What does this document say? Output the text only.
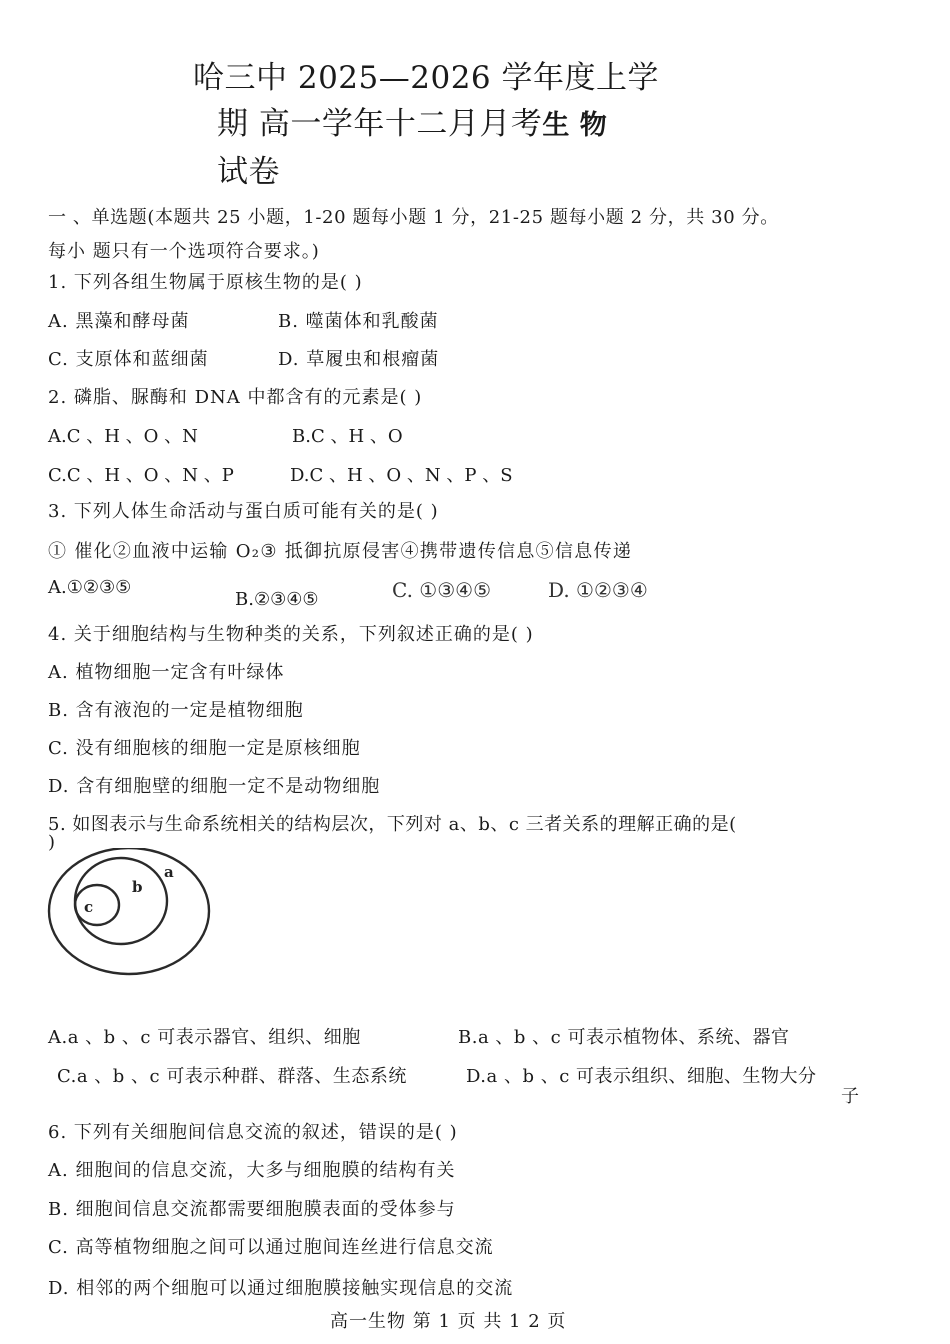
哈三中 2025—2026 学年度上学
期 高一学年十二月月考生 物
试卷
一 、单选题(本题共 25 小题，1-20 题每小题 1 分，21-25 题每小题 2 分，共 30 分。
每小 题只有一个选项符合要求。)
1. 下列各组生物属于原核生物的是( )
A. 黑藻和酵母菌	B. 噬菌体和乳酸菌
C. 支原体和蓝细菌	D. 草履虫和根瘤菌
2. 磷脂、脲酶和 DNA 中都含有的元素是( )
A.C 、H 、O 、N	B.C 、H 、O
C.C 、H 、O 、N 、P	D.C 、H 、O 、N 、P 、S
3. 下列人体生命活动与蛋白质可能有关的是( )
① 催化②血液中运输 O₂③ 抵御抗原侵害④携带遗传信息⑤信息传递
A.①②③⑤
B.②③④⑤	C. ①③④⑤	D. ①②③④
4. 关于细胞结构与生物种类的关系，下列叙述正确的是( )
A. 植物细胞一定含有叶绿体
B. 含有液泡的一定是植物细胞
C. 没有细胞核的细胞一定是原核细胞
D. 含有细胞壁的细胞一定不是动物细胞
5. 如图表示与生命系统相关的结构层次，下列对 a、b、c 三者关系的理解正确的是(
)
a
b
c
A.a 、b 、c 可表示器官、组织、细胞	B.a 、b 、c 可表示植物体、系统、器官
C.a 、b 、c 可表示种群、群落、生态系统	D.a 、b 、c 可表示组织、细胞、生物大分
子
6. 下列有关细胞间信息交流的叙述，错误的是( )
A. 细胞间的信息交流，大多与细胞膜的结构有关
B. 细胞间信息交流都需要细胞膜表面的受体参与
C. 高等植物细胞之间可以通过胞间连丝进行信息交流
D. 相邻的两个细胞可以通过细胞膜接触实现信息的交流
高一生物 第 1 页 共 1 2 页
